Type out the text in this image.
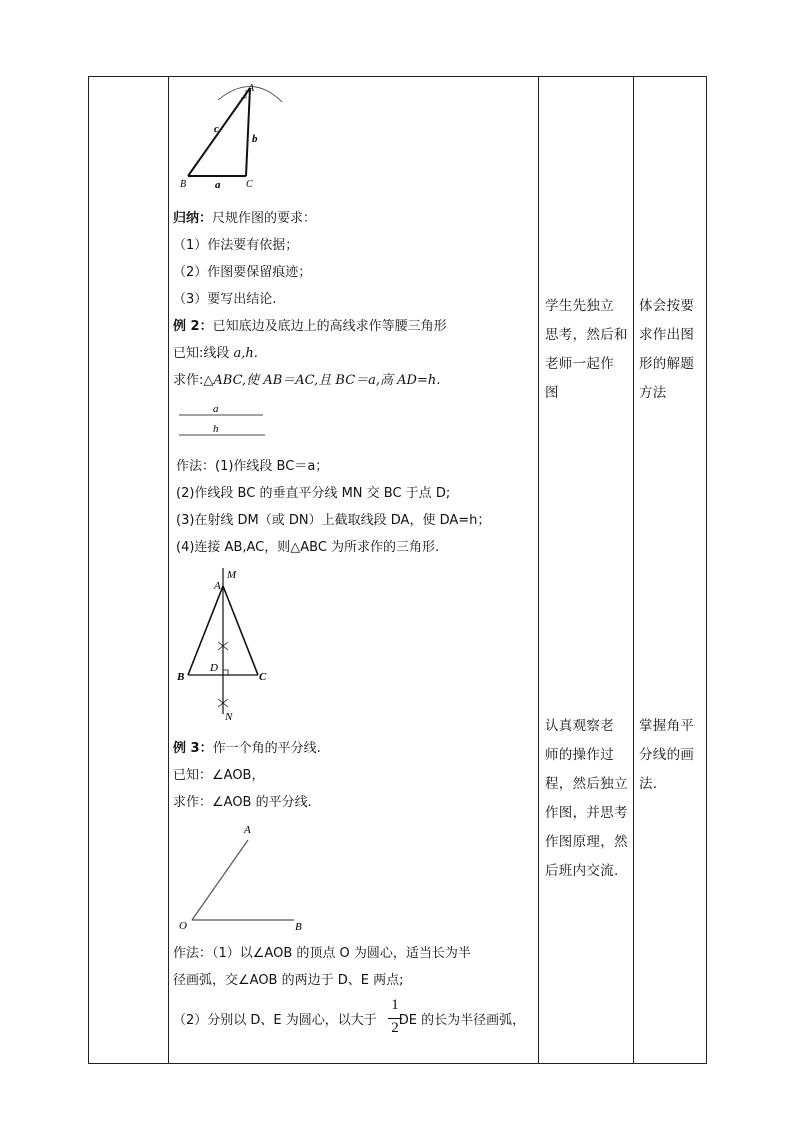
A
B	C
a
b
c
归纳：尺规作图的要求：
（1）作法要有依据；
（2）作图要保留痕迹；
（3）要写出结论.
例 2：已知底边及底边上的高线求作等腰三角形
已知:线段 a,h.
求作:△ABC,使 AB＝AC,且 BC＝a,高 AD=h.
a
h
作法：(1)作线段 BC＝a；
(2)作线段 BC 的垂直平分线 MN 交 BC 于点 D;
(3)在射线 DM（或 DN）上截取线段 DA，使 DA=h；
(4)连接 AB,AC，则△ABC 为所求作的三角形.
A
M
B	C
D
N
例 3：作一个角的平分线.
已知：∠AOB，
求作：∠AOB 的平分线.
A
O	B
作法：（1）以∠AOB 的顶点 O 为圆心，适当长为半
径画弧，交∠AOB 的两边于 D、E 两点;
（2）分别以 D、E 为圆心，以大于 DE 的长为半径画弧，
1
2
学生先独立
思考，然后和
老师一起作
图
认真观察老
师的操作过
程，然后独立
作图，并思考
作图原理，然
后班内交流.
体会按要
求作出图
形的解题
方法
掌握角平
分线的画
法.
